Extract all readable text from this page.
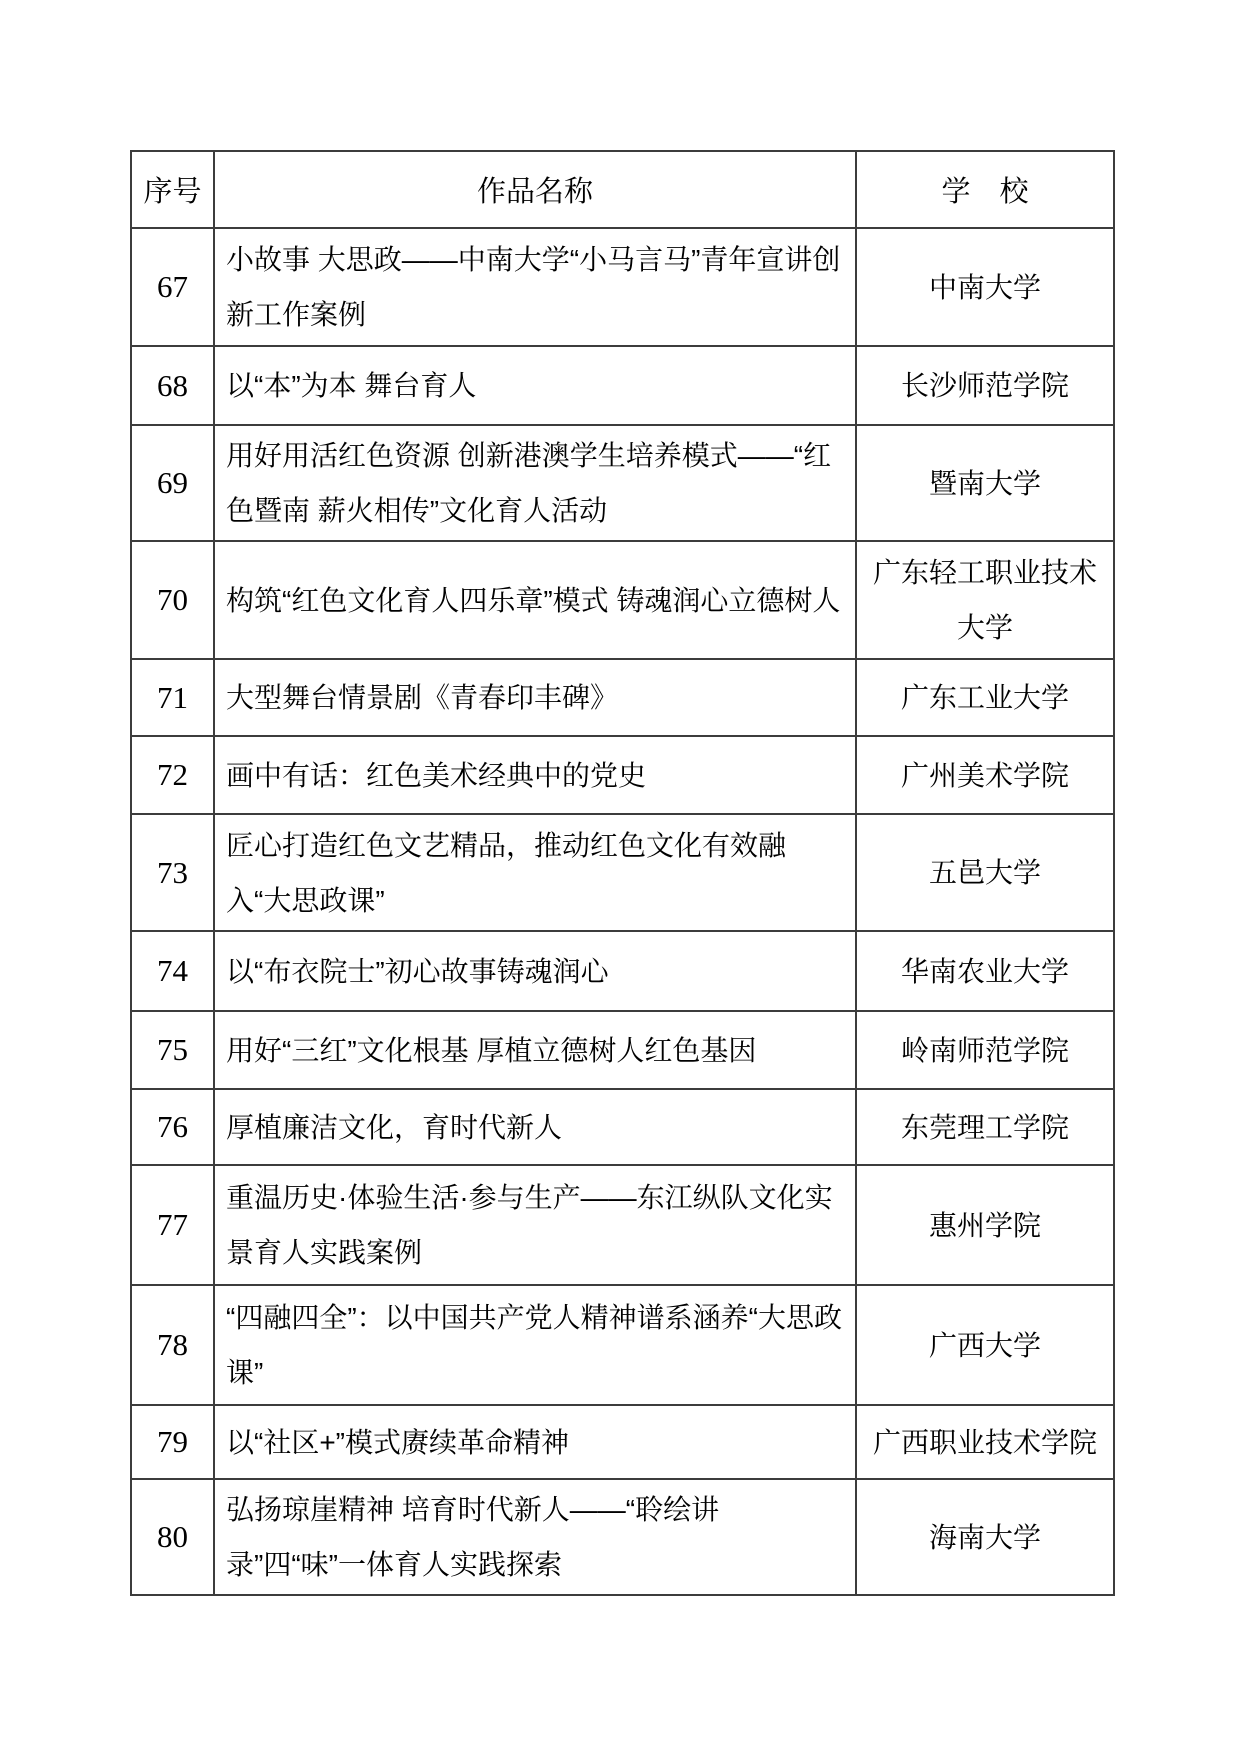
序号	作品名称	学　校
67	小故事 大思政——中南大学“小马言马”青年宣讲创新工作案例	中南大学
68	以“本”为本 舞台育人	长沙师范学院
69	用好用活红色资源 创新港澳学生培养模式——“红色暨南 薪火相传”文化育人活动	暨南大学
70	构筑“红色文化育人四乐章”模式 铸魂润心立德树人	广东轻工职业技术大学
71	大型舞台情景剧《青春印丰碑》	广东工业大学
72	画中有话：红色美术经典中的党史	广州美术学院
73	匠心打造红色文艺精品，推动红色文化有效融入“大思政课”	五邑大学
74	以“布衣院士”初心故事铸魂润心	华南农业大学
75	用好“三红”文化根基 厚植立德树人红色基因	岭南师范学院
76	厚植廉洁文化，育时代新人	东莞理工学院
77	重温历史·体验生活·参与生产——东江纵队文化实景育人实践案例	惠州学院
78	“四融四全”：以中国共产党人精神谱系涵养“大思政课”	广西大学
79	以“社区+”模式赓续革命精神	广西职业技术学院
80	弘扬琼崖精神 培育时代新人——“聆绘讲录”四“味”一体育人实践探索	海南大学
